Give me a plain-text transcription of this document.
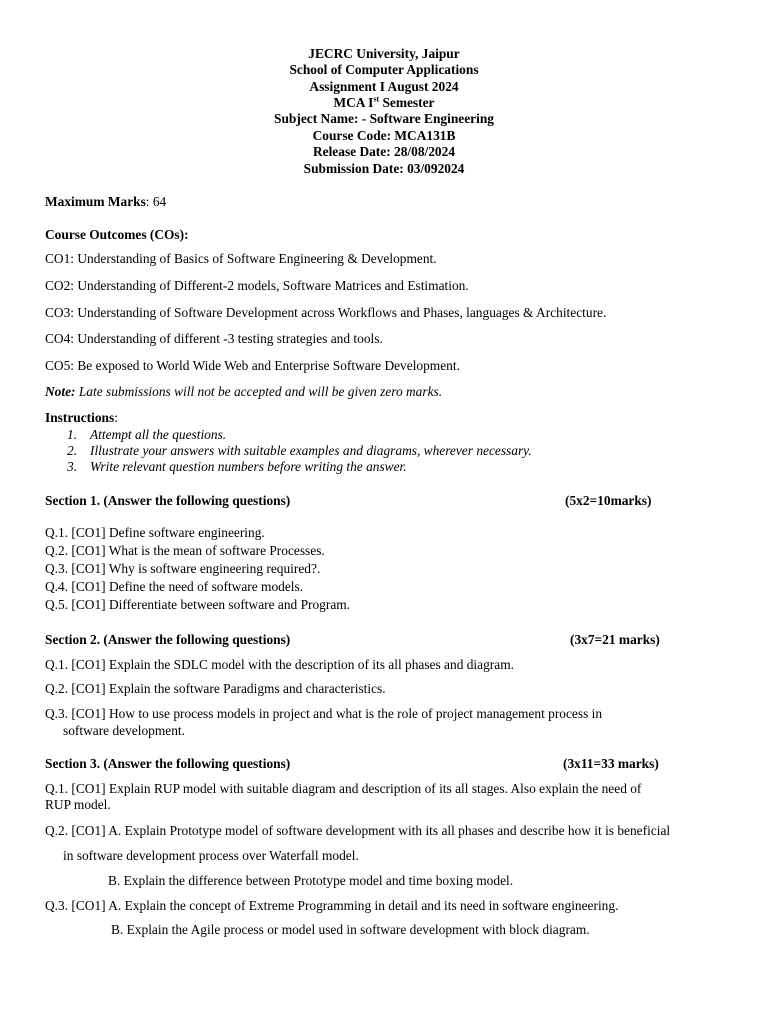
JECRC University, Jaipur
School of Computer Applications
Assignment I August 2024
MCA Ist Semester
Subject Name: - Software Engineering
Course Code: MCA131B
Release Date: 28/08/2024
Submission Date: 03/092024
Maximum Marks: 64
Course Outcomes (COs):
CO1: Understanding of Basics of Software Engineering & Development.
CO2: Understanding of Different-2 models, Software Matrices and Estimation.
CO3: Understanding of Software Development across Workflows and Phases, languages & Architecture.
CO4: Understanding of different -3 testing strategies and tools.
CO5: Be exposed to World Wide Web and Enterprise Software Development.
Note: Late submissions will not be accepted and will be given zero marks.
Instructions:
1. Attempt all the questions.
2. Illustrate your answers with suitable examples and diagrams, wherever necessary.
3. Write relevant question numbers before writing the answer.
Section 1. (Answer the following questions)	(5x2=10marks)
Q.1. [CO1] Define software engineering.
Q.2. [CO1] What is the mean of software Processes.
Q.3. [CO1] Why is software engineering required?.
Q.4. [CO1] Define the need of software models.
Q.5. [CO1] Differentiate between software and Program.
Section 2. (Answer the following questions)	(3x7=21 marks)
Q.1. [CO1] Explain the SDLC model with the description of its all phases and diagram.
Q.2. [CO1] Explain the software Paradigms and characteristics.
Q.3. [CO1] How to use process models in project and what is the role of project management process in
software development.
Section 3. (Answer the following questions)	(3x11=33 marks)
Q.1. [CO1] Explain RUP model with suitable diagram and description of its all stages. Also explain the need of
RUP model.
Q.2. [CO1] A. Explain Prototype model of software development with its all phases and describe how it is beneficial
in software development process over Waterfall model.
B. Explain the difference between Prototype model and time boxing model.
Q.3. [CO1] A. Explain the concept of Extreme Programming in detail and its need in software engineering.
B. Explain the Agile process or model used in software development with block diagram.
